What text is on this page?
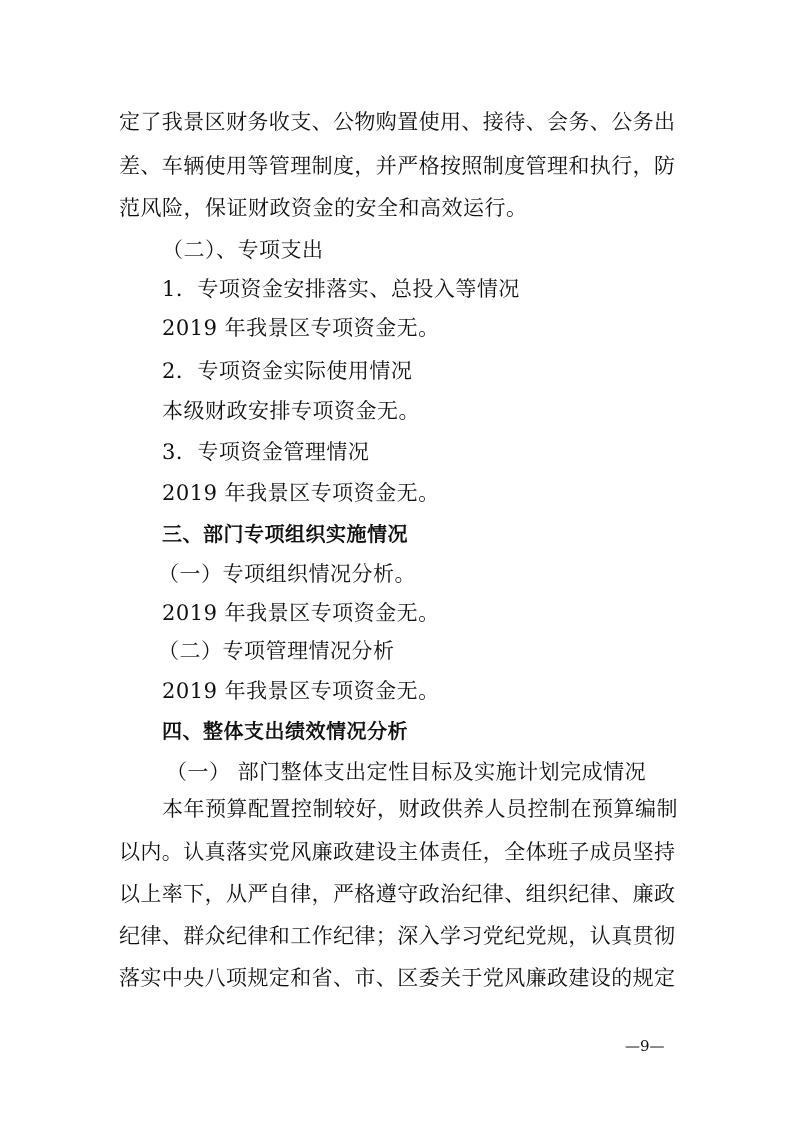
定了我景区财务收支、公物购置使用、接待、会务、公务出
差、车辆使用等管理制度，并严格按照制度管理和执行，防
范风险，保证财政资金的安全和高效运行。
（二）、专项支出
1．专项资金安排落实、总投入等情况
2019 年我景区专项资金无。
2．专项资金实际使用情况
本级财政安排专项资金无。
3．专项资金管理情况
2019 年我景区专项资金无。
三、部门专项组织实施情况
（一）专项组织情况分析。
2019 年我景区专项资金无。
（二）专项管理情况分析
2019 年我景区专项资金无。
四、整体支出绩效情况分析
（一） 部门整体支出定性目标及实施计划完成情况
本年预算配置控制较好，财政供养人员控制在预算编制
以内。认真落实党风廉政建设主体责任，全体班子成员坚持
以上率下，从严自律，严格遵守政治纪律、组织纪律、廉政
纪律、群众纪律和工作纪律；深入学习党纪党规，认真贯彻
落实中央八项规定和省、市、区委关于党风廉政建设的规定
—9—
